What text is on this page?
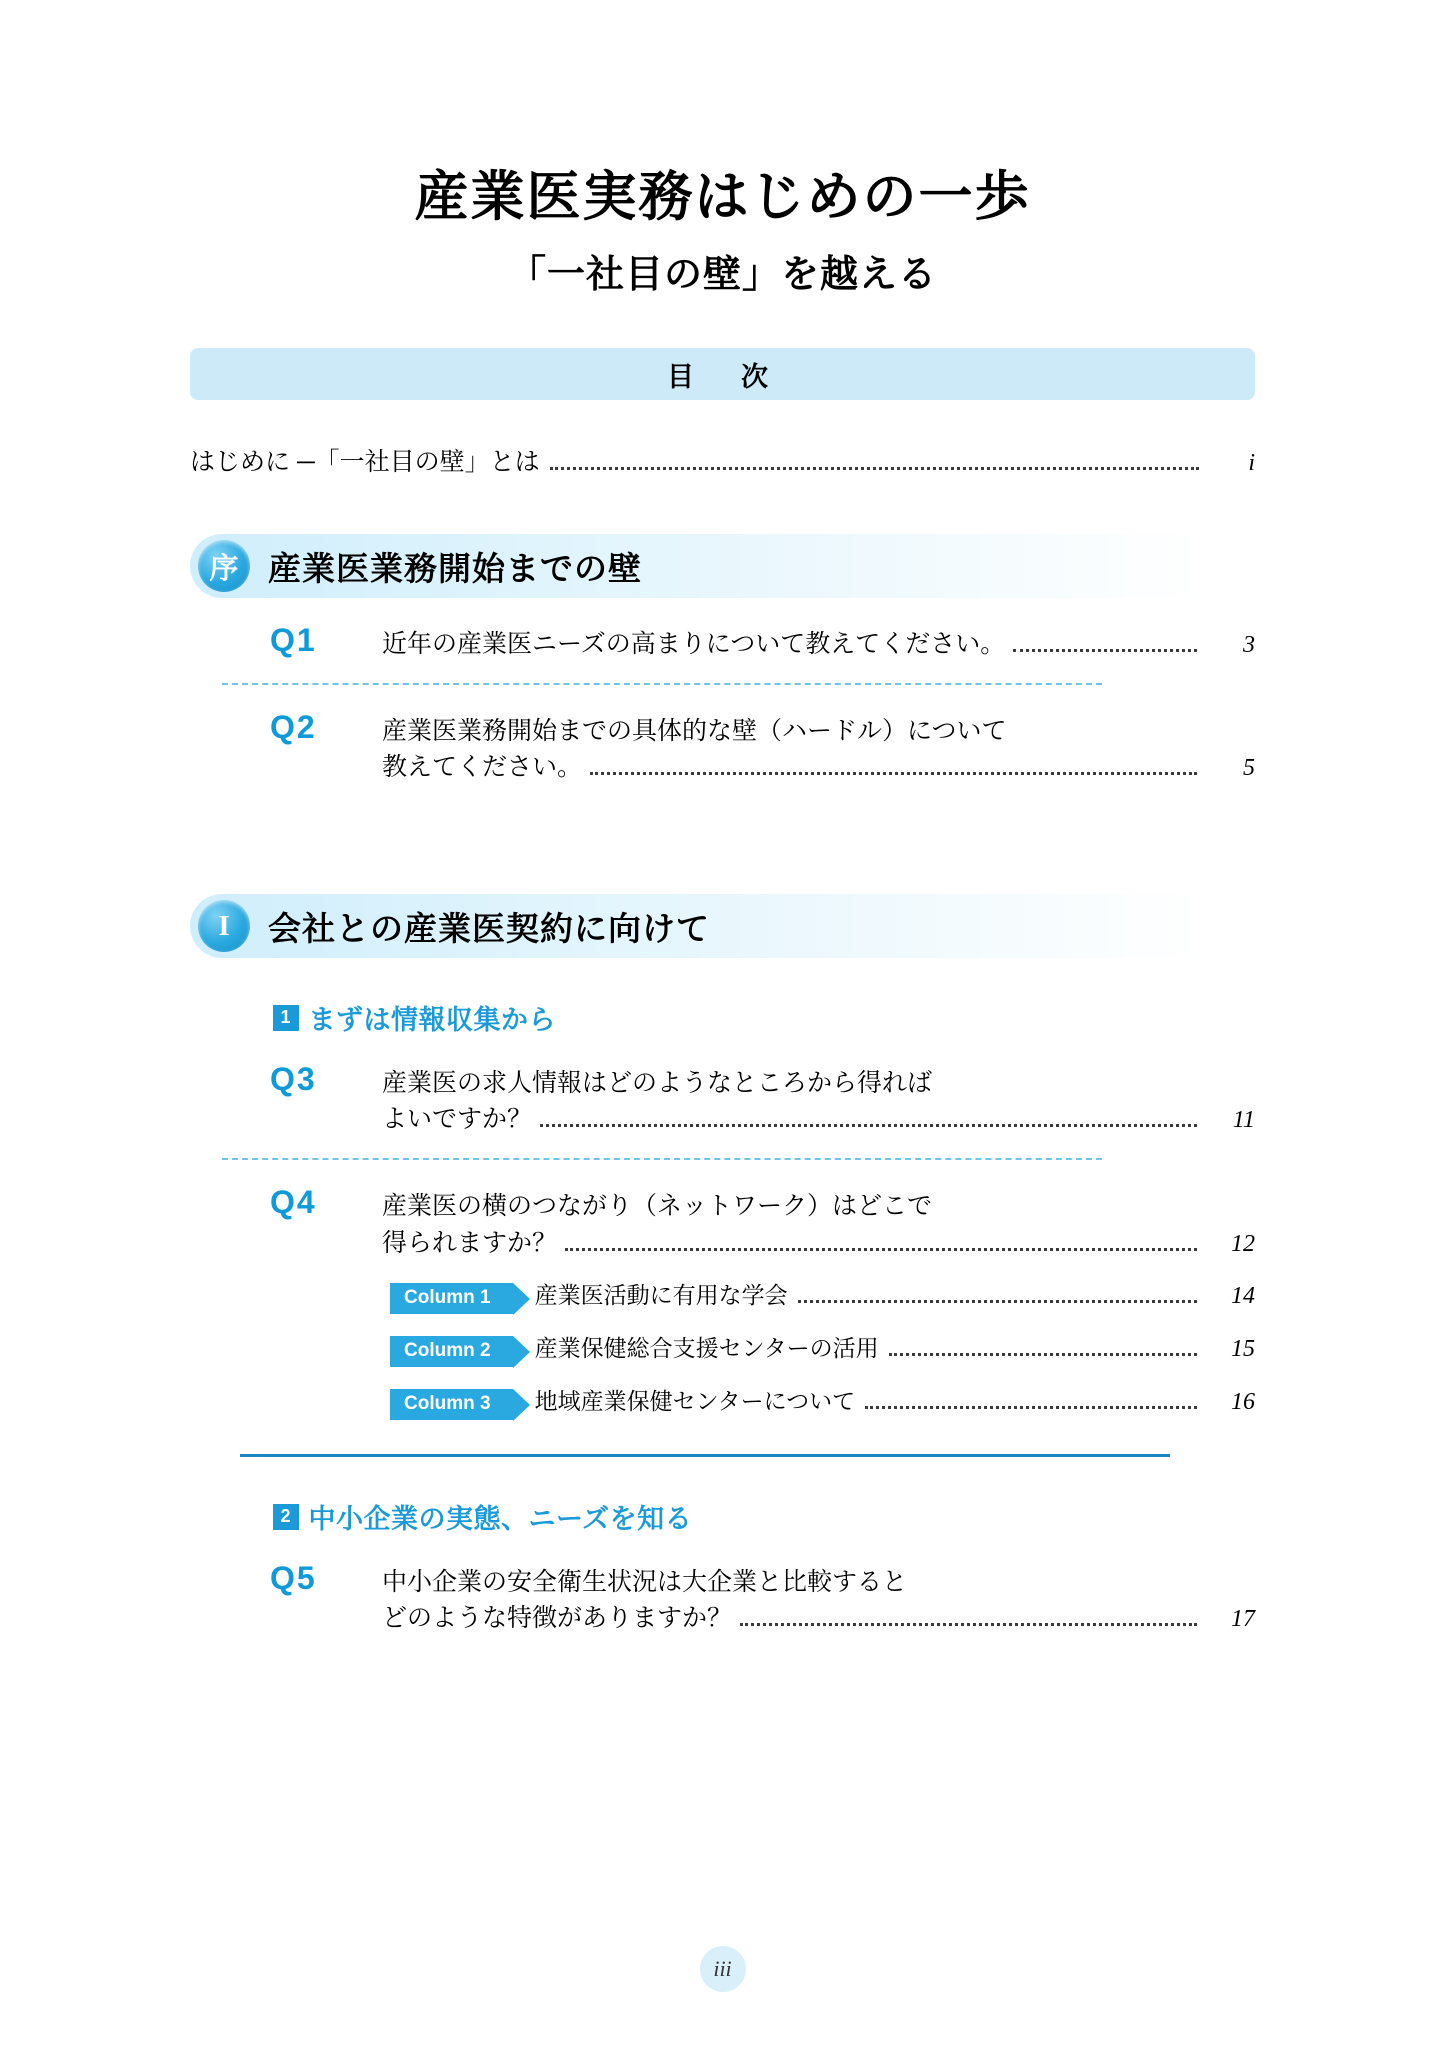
産業医実務はじめの一歩
「一社目の壁」を越える
目　次
はじめに ─「一社目の壁」とは	i
序 産業医業務開始までの壁
Q1	近年の産業医ニーズの高まりについて教えてください。	3
Q2	産業医業務開始までの具体的な壁（ハードル）について
教えてください。	5
I	会社との産業医契約に向けて
1 まずは情報収集から
Q3	産業医の求人情報はどのようなところから得れば
よいですか？	11
Q4	産業医の横のつながり（ネットワーク）はどこで
得られますか？	12
Column 1	産業医活動に有用な学会	14
Column 2	産業保健総合支援センターの活用	15
Column 3	地域産業保健センターについて	16
2 中小企業の実態、ニーズを知る
Q5	中小企業の安全衛生状況は大企業と比較すると
どのような特徴がありますか？	17
iii
